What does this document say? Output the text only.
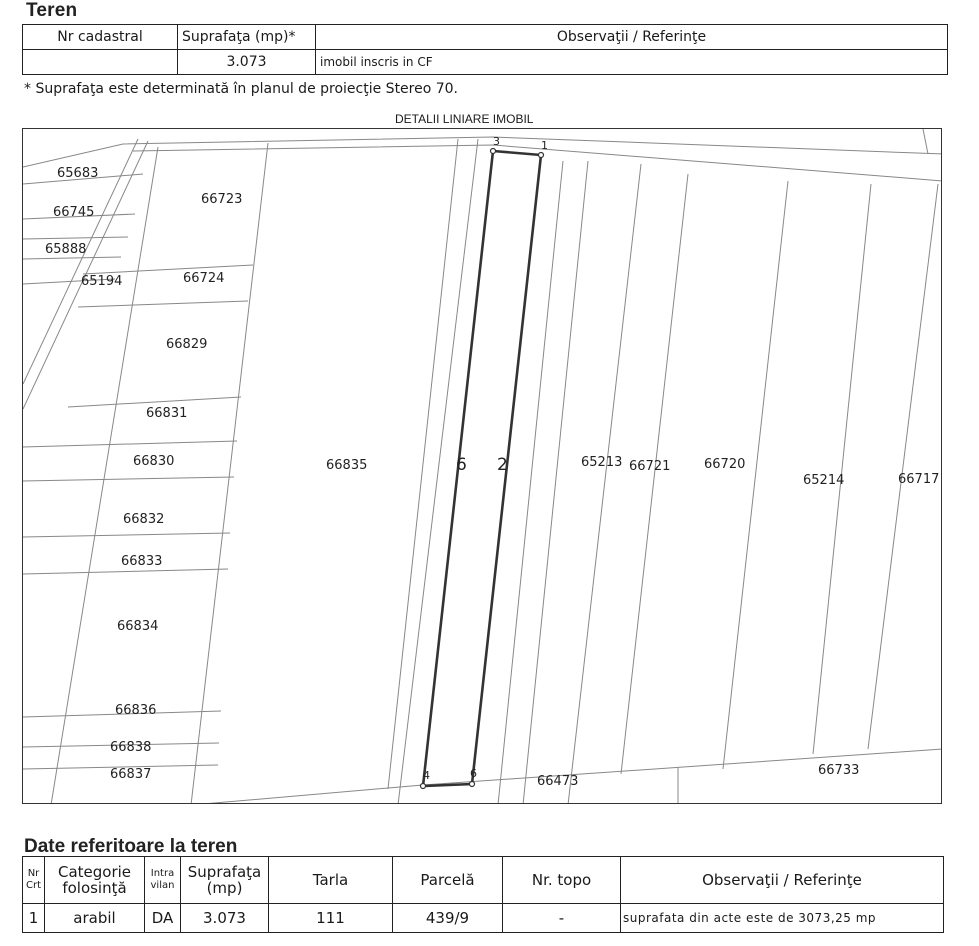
Teren
Nr cadastral	Suprafaţa (mp)*	Observaţii / Referinţe
	3.073	imobil inscris in CF
* Suprafaţa este determinată în planul de proiecţie Stereo 70.
DETALII LINIARE IMOBIL
65683
66745
65888
65194
66723
66724
66829
66831
66830
66832
66833
66834
66836
66838
66837
66835	65213 66721	66720
65214	66717
66473
66733
3	1
4	6
6 2
Date referitoare la teren
Nr Crt	Categorie folosinţă	Intra vilan	Suprafaţa (mp)	Tarla	Parcelă	Nr. topo	Observaţii / Referinţe
1	arabil	DA	3.073	111	439/9	-	suprafata din acte este de 3073,25 mp
